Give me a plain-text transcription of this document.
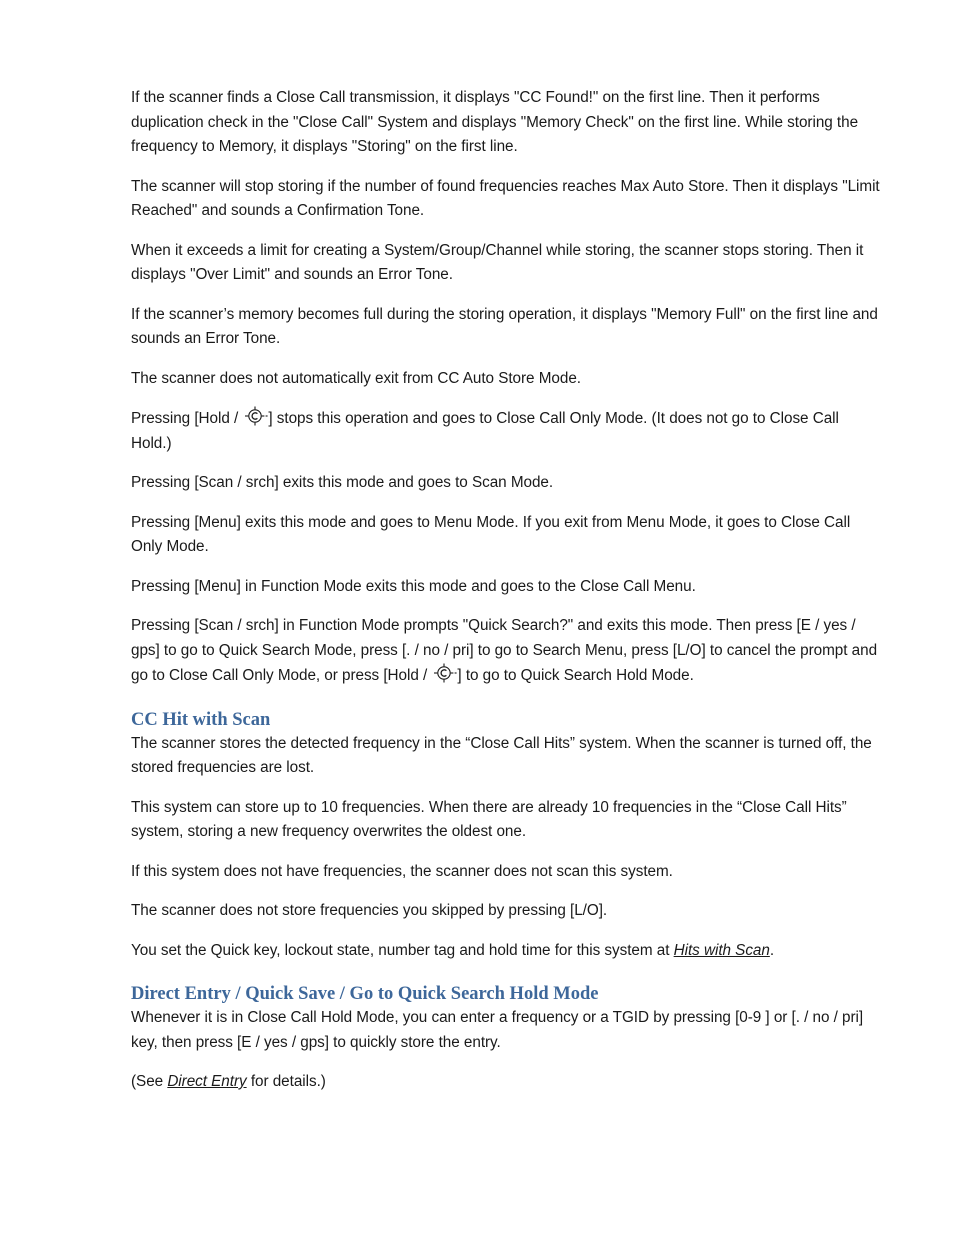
If the scanner finds a Close Call transmission, it displays "CC Found!" on the first line. Then it performs duplication check in the "Close Call" System and displays "Memory Check" on the first line. While storing the frequency to Memory, it displays "Storing" on the first line.

The scanner will stop storing if the number of found frequencies reaches Max Auto Store. Then it displays "Limit Reached" and sounds a Confirmation Tone.

When it exceeds a limit for creating a System/Group/Channel while storing, the scanner stops storing. Then it displays "Over Limit" and sounds an Error Tone.

If the scanner’s memory becomes full during the storing operation, it displays "Memory Full" on the first line and sounds an Error Tone.

The scanner does not automatically exit from CC Auto Store Mode.

Pressing [Hold / ] stops this operation and goes to Close Call Only Mode. (It does not go to Close Call Hold.)

Pressing [Scan / srch] exits this mode and goes to Scan Mode.

Pressing [Menu] exits this mode and goes to Menu Mode. If you exit from Menu Mode, it goes to Close Call Only Mode.

Pressing [Menu] in Function Mode exits this mode and goes to the Close Call Menu.

Pressing [Scan / srch] in Function Mode prompts "Quick Search?" and exits this mode. Then press [E / yes / gps] to go to Quick Search Mode, press [. / no / pri] to go to Search Menu, press [L/O] to cancel the prompt and go to Close Call Only Mode, or press [Hold / ] to go to Quick Search Hold Mode.

CC Hit with Scan

The scanner stores the detected frequency in the “Close Call Hits” system. When the scanner is turned off, the stored frequencies are lost.

This system can store up to 10 frequencies. When there are already 10 frequencies in the “Close Call Hits” system, storing a new frequency overwrites the oldest one.

If this system does not have frequencies, the scanner does not scan this system.

The scanner does not store frequencies you skipped by pressing [L/O].

You set the Quick key, lockout state, number tag and hold time for this system at Hits with Scan.

Direct Entry / Quick Save / Go to Quick Search Hold Mode

Whenever it is in Close Call Hold Mode, you can enter a frequency or a TGID by pressing [0-9 ] or [. / no / pri] key, then press [E / yes / gps] to quickly store the entry.

(See Direct Entry for details.)
